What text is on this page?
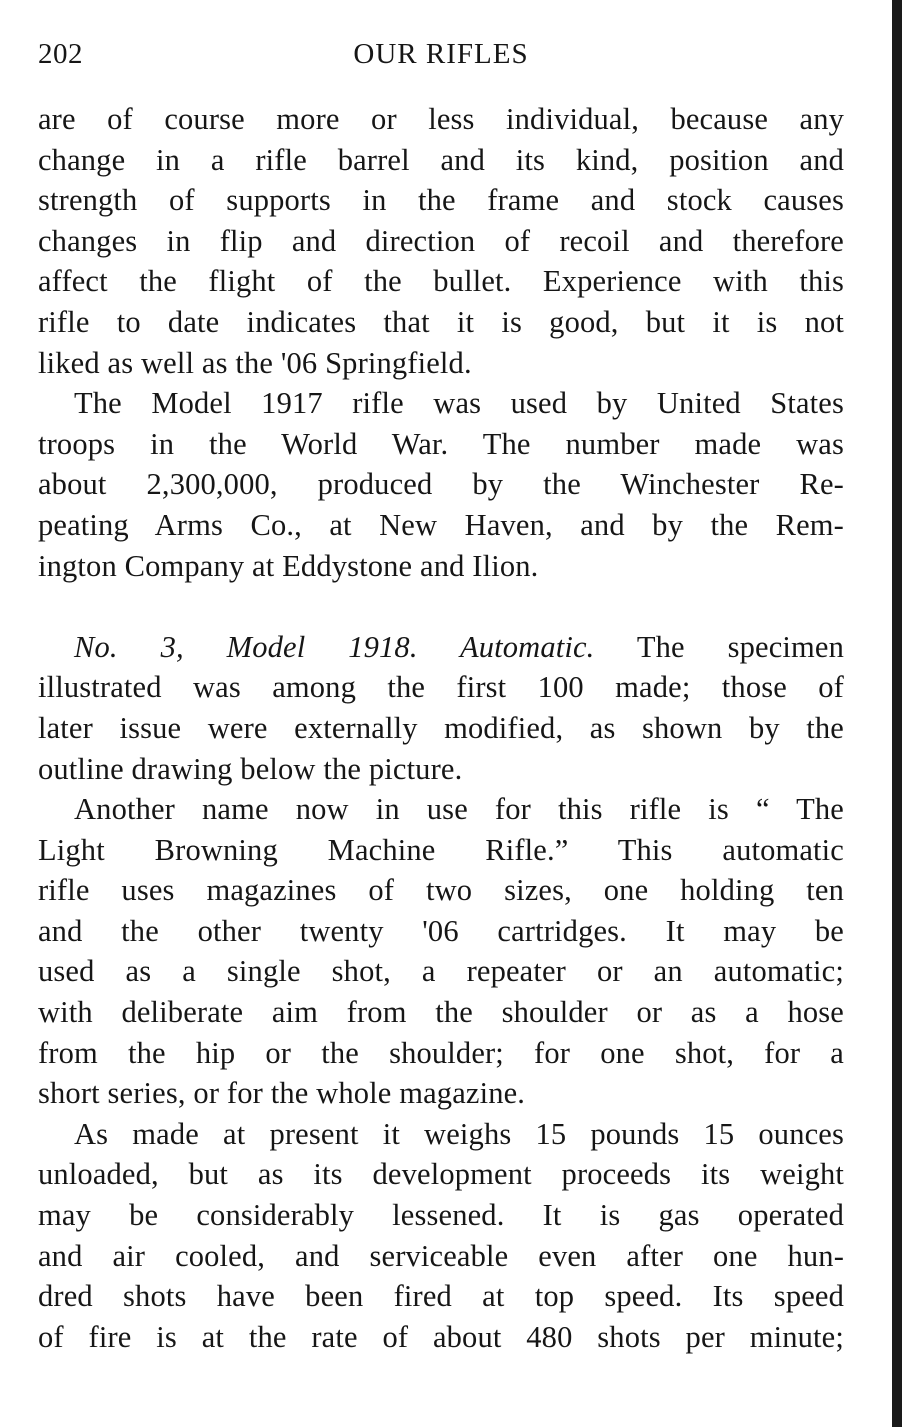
202	OUR RIFLES
are of course more or less individual, because any
change in a rifle barrel and its kind, position and
strength of supports in the frame and stock causes
changes in flip and direction of recoil and therefore
affect the flight of the bullet. Experience with this
rifle to date indicates that it is good, but it is not
liked as well as the '06 Springfield.
The Model 1917 rifle was used by United States
troops in the World War. The number made was
about 2,300,000, produced by the Winchester Re-
peating Arms Co., at New Haven, and by the Rem-
ington Company at Eddystone and Ilion.
No. 3, Model 1918. Automatic. The specimen
illustrated was among the first 100 made; those of
later issue were externally modified, as shown by the
outline drawing below the picture.
Another name now in use for this rifle is “ The
Light Browning Machine Rifle.” This automatic
rifle uses magazines of two sizes, one holding ten
and the other twenty '06 cartridges. It may be
used as a single shot, a repeater or an automatic;
with deliberate aim from the shoulder or as a hose
from the hip or the shoulder; for one shot, for a
short series, or for the whole magazine.
As made at present it weighs 15 pounds 15 ounces
unloaded, but as its development proceeds its weight
may be considerably lessened. It is gas operated
and air cooled, and serviceable even after one hun-
dred shots have been fired at top speed. Its speed
of fire is at the rate of about 480 shots per minute;
